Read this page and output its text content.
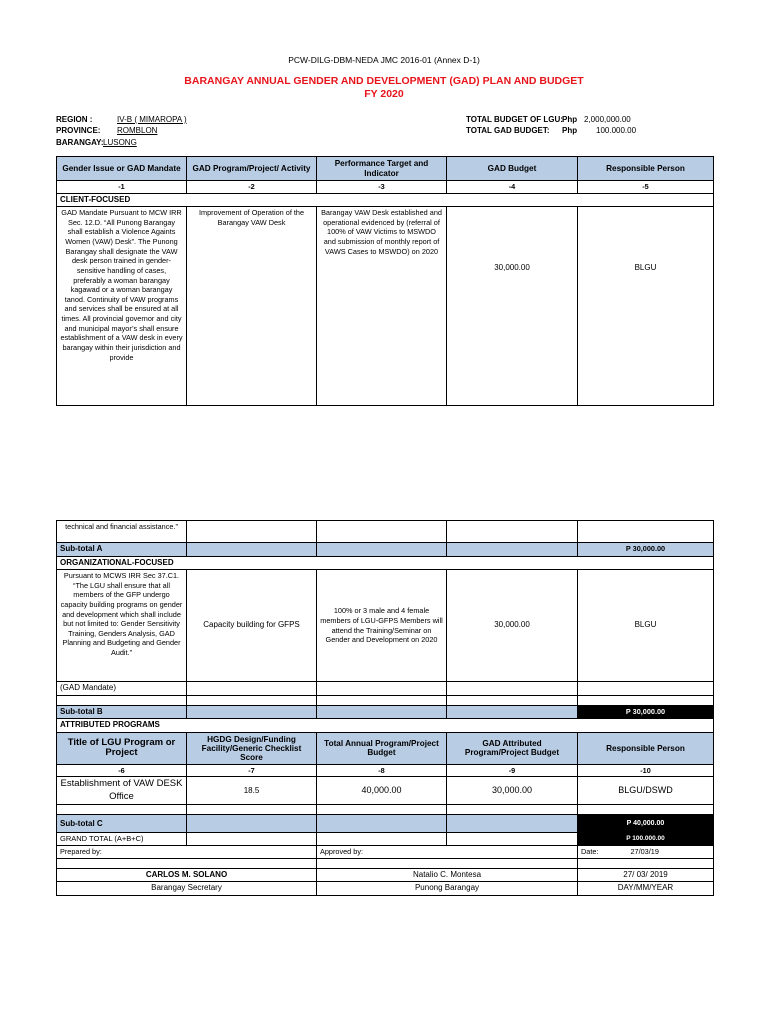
PCW-DILG-DBM-NEDA JMC 2016-01 (Annex D-1)
BARANGAY ANNUAL GENDER AND DEVELOPMENT (GAD) PLAN AND BUDGET
FY 2020
REGION :	IV-B ( MIMAROPA )
PROVINCE: ROMBLON
BARANGAY: LUSONG
TOTAL BUDGET OF LGU: Php 2,000,000.00
TOTAL GAD BUDGET: Php 100.000.00
Gender Issue or GAD Mandate	GAD Program/Project/ Activity	Performance Target and Indicator	GAD Budget	Responsible Person
-1	-2	-3	-4	-5
CLIENT-FOCUSED				
GAD Mandate Pursuant to MCW IRR Sec. 12.D. “All Punong Barangay shall establish a Violence Againts Women (VAW) Desk”. The Punong Barangay shall designate the VAW desk person trained in gender-sensitive handling of cases, preferably a woman barangay kagawad or a woman barangay tanod. Continuity of VAW programs and services shall be ensured at all times. All provincial governor and city and municipal mayor’s shall ensure establishment of a VAW desk in every barangay within their jurisdiction and provide	Improvement of Operation of the Barangay VAW Desk	Barangay VAW Desk established and operational evidenced by (referral of 100% of VAW Victims to MSWDO and submission of monthly report of VAWS Cases to MSWDO) on 2020	30,000.00	BLGU
technical and financial assistance.”				
Sub-total A				P 30,000.00
ORGANIZATIONAL-FOCUSED				
Pursuant to MCWS IRR Sec 37.C1. “The LGU shall ensure that all members of the GFP undergo capacity building programs on gender and development which shall include but not limited to: Gender Sensitivity Training, Genders Analysis, GAD Planning and Budgeting and Gender Audit.”	Capacity building for GFPS	100% or 3 male and 4 female members of LGU-GFPS Members will attend the Training/Seminar on Gender and Development on 2020	30,000.00	BLGU
(GAD Mandate)				

Sub-total B				P 30,000.00
ATTRIBUTED PROGRAMS				
Title of LGU Program or Project	HGDG Design/Funding Facility/Generic Checklist Score	Total Annual Program/Project Budget	GAD Attributed Program/Project Budget	Responsible Person
-6	-7	-8	-9	-10
Establishment of VAW DESK Office	18.5	40,000.00	30,000.00	BLGU/DSWD

Sub-total C				P 40,000.00
GRAND TOTAL (A+B+C)				P 100.000.00
Prepared by:		Approved by:		Date: 27/03/19

CARLOS M. SOLANO		Natalio C. Montesa		27/ 03/ 2019
Barangay Secretary		Punong Barangay		DAY/MM/YEAR
